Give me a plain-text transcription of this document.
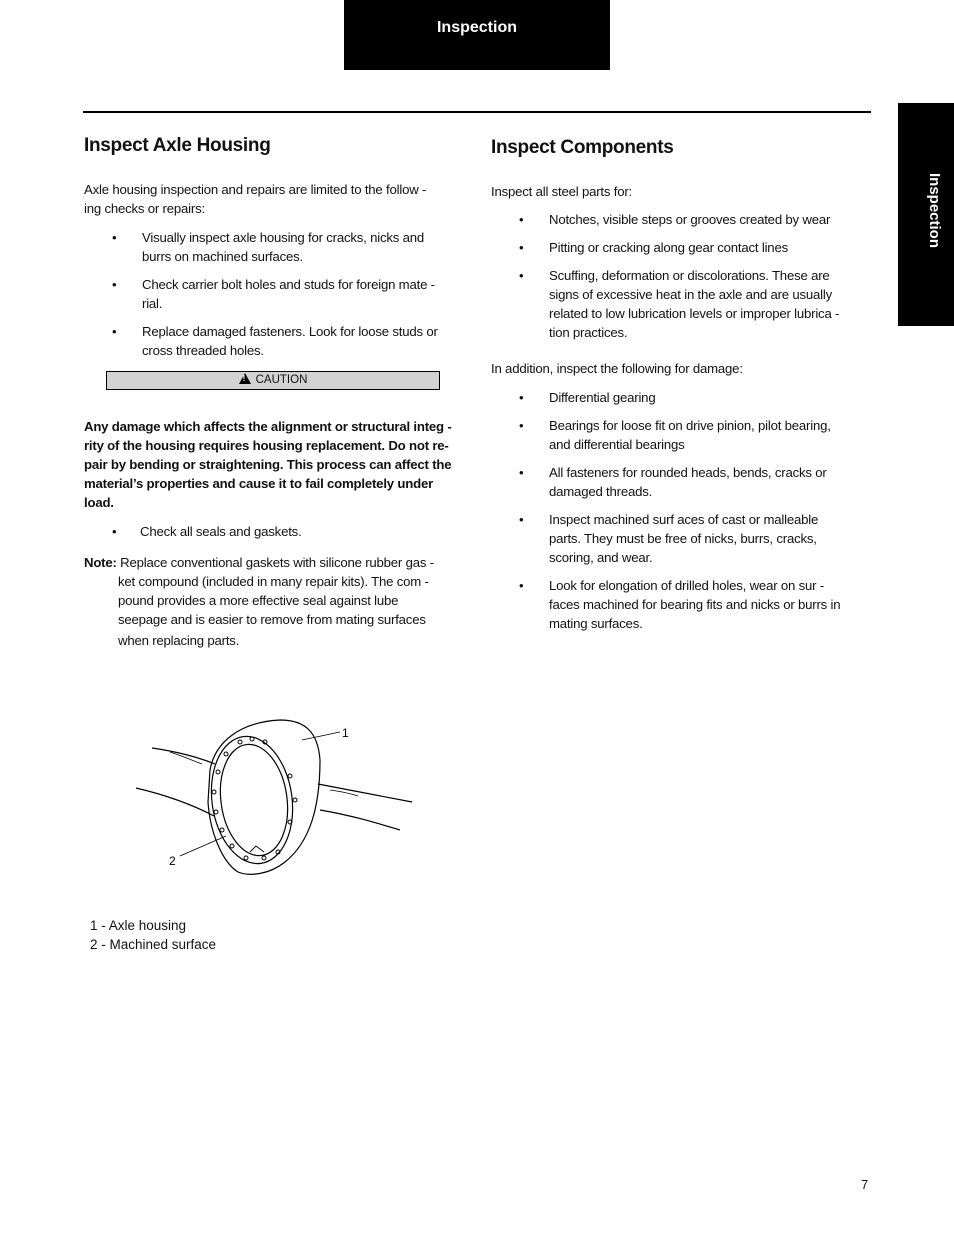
Inspection
Inspection
Inspect Axle Housing
Axle housing inspection and repairs are limited to the follow -
ing checks or repairs:
• Visually inspect axle housing for cracks, nicks and
burrs on machined surfaces.
• Check carrier bolt holes and studs for foreign mate -
rial.
• Replace damaged fasteners. Look for loose studs or
cross threaded holes.
!CAUTION
Any damage which affects the alignment or structural integ -
rity of the housing requires housing replacement. Do not re-
pair by bending or straightening. This process can affect the
material’s properties and cause it to fail completely under
load.
• Check all seals and gaskets.
Note: Replace conventional gaskets with silicone rubber gas -
ket compound (included in many repair kits). The com -
pound provides a more effective seal against lube
seepage and is easier to remove from mating surfaces
when replacing parts.
1
2
1 - Axle housing
2 - Machined surface
Inspect Components
Inspect all steel parts for:
• Notches, visible steps or grooves created by wear
• Pitting or cracking along gear contact lines
• Scuffing, deformation or discolorations. These are
signs of excessive heat in the axle and are usually
related to low lubrication levels or improper lubrica -
tion practices.
In addition, inspect the following for damage:
• Differential gearing
• Bearings for loose fit on drive pinion, pilot bearing,
and differential bearings
• All fasteners for rounded heads, bends, cracks or
damaged threads.
• Inspect machined surf aces of cast or malleable
parts. They must be free of nicks, burrs, cracks,
scoring, and wear.
• Look for elongation of drilled holes, wear on sur -
faces machined for bearing fits and nicks or burrs in
mating surfaces.
7
